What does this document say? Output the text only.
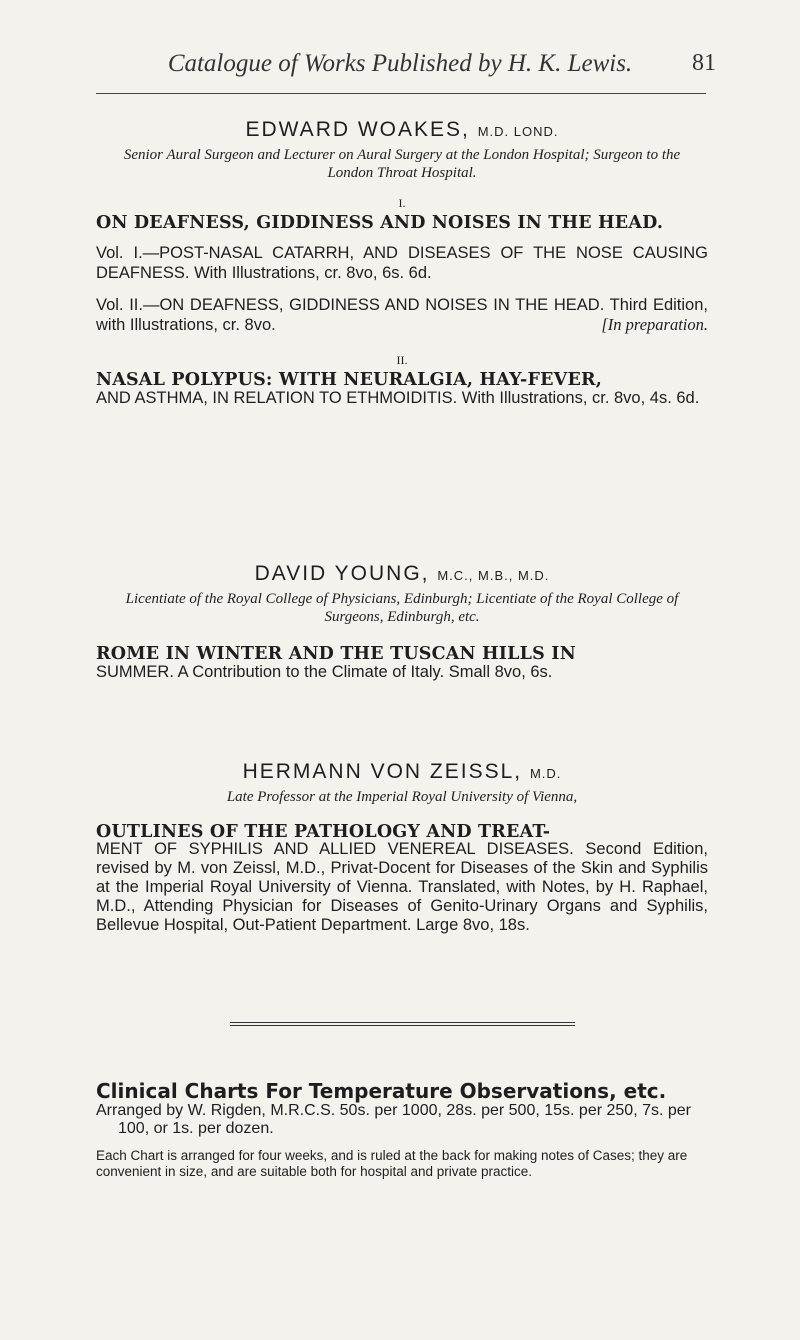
Catalogue of Works Published by H. K. Lewis.	81

EDWARD WOAKES, M.D. LOND.

Senior Aural Surgeon and Lecturer on Aural Surgery at the London Hospital; Surgeon to the London Throat Hospital.

I.

ON DEAFNESS, GIDDINESS AND NOISES IN THE HEAD.

Vol. I.—POST-NASAL CATARRH, AND DISEASES OF THE NOSE CAUSING DEAFNESS. With Illustrations, cr. 8vo, 6s. 6d.

Vol. II.—ON DEAFNESS, GIDDINESS AND NOISES IN THE HEAD. Third Edition, with Illustrations, cr. 8vo.	[In preparation.

II.

NASAL POLYPUS: WITH NEURALGIA, HAY-FEVER,

AND ASTHMA, IN RELATION TO ETHMOIDITIS. With Illustrations, cr. 8vo, 4s. 6d.

DAVID YOUNG, M.C., M.B., M.D.

Licentiate of the Royal College of Physicians, Edinburgh; Licentiate of the Royal College of Surgeons, Edinburgh, etc.

ROME IN WINTER AND THE TUSCAN HILLS IN

SUMMER. A Contribution to the Climate of Italy. Small 8vo, 6s.

HERMANN VON ZEISSL, M.D.

Late Professor at the Imperial Royal University of Vienna,

OUTLINES OF THE PATHOLOGY AND TREAT-

MENT OF SYPHILIS AND ALLIED VENEREAL DISEASES. Second Edition, revised by M. von Zeissl, M.D., Privat-Docent for Diseases of the Skin and Syphilis at the Imperial Royal University of Vienna. Translated, with Notes, by H. Raphael, M.D., Attending Physician for Diseases of Genito-Urinary Organs and Syphilis, Bellevue Hospital, Out-Patient Department. Large 8vo, 18s.

Clinical Charts For Temperature Observations, etc.

Arranged by W. Rigden, M.R.C.S. 50s. per 1000, 28s. per 500, 15s. per 250, 7s. per 100, or 1s. per dozen.

Each Chart is arranged for four weeks, and is ruled at the back for making notes of Cases; they are convenient in size, and are suitable both for hospital and private practice.
